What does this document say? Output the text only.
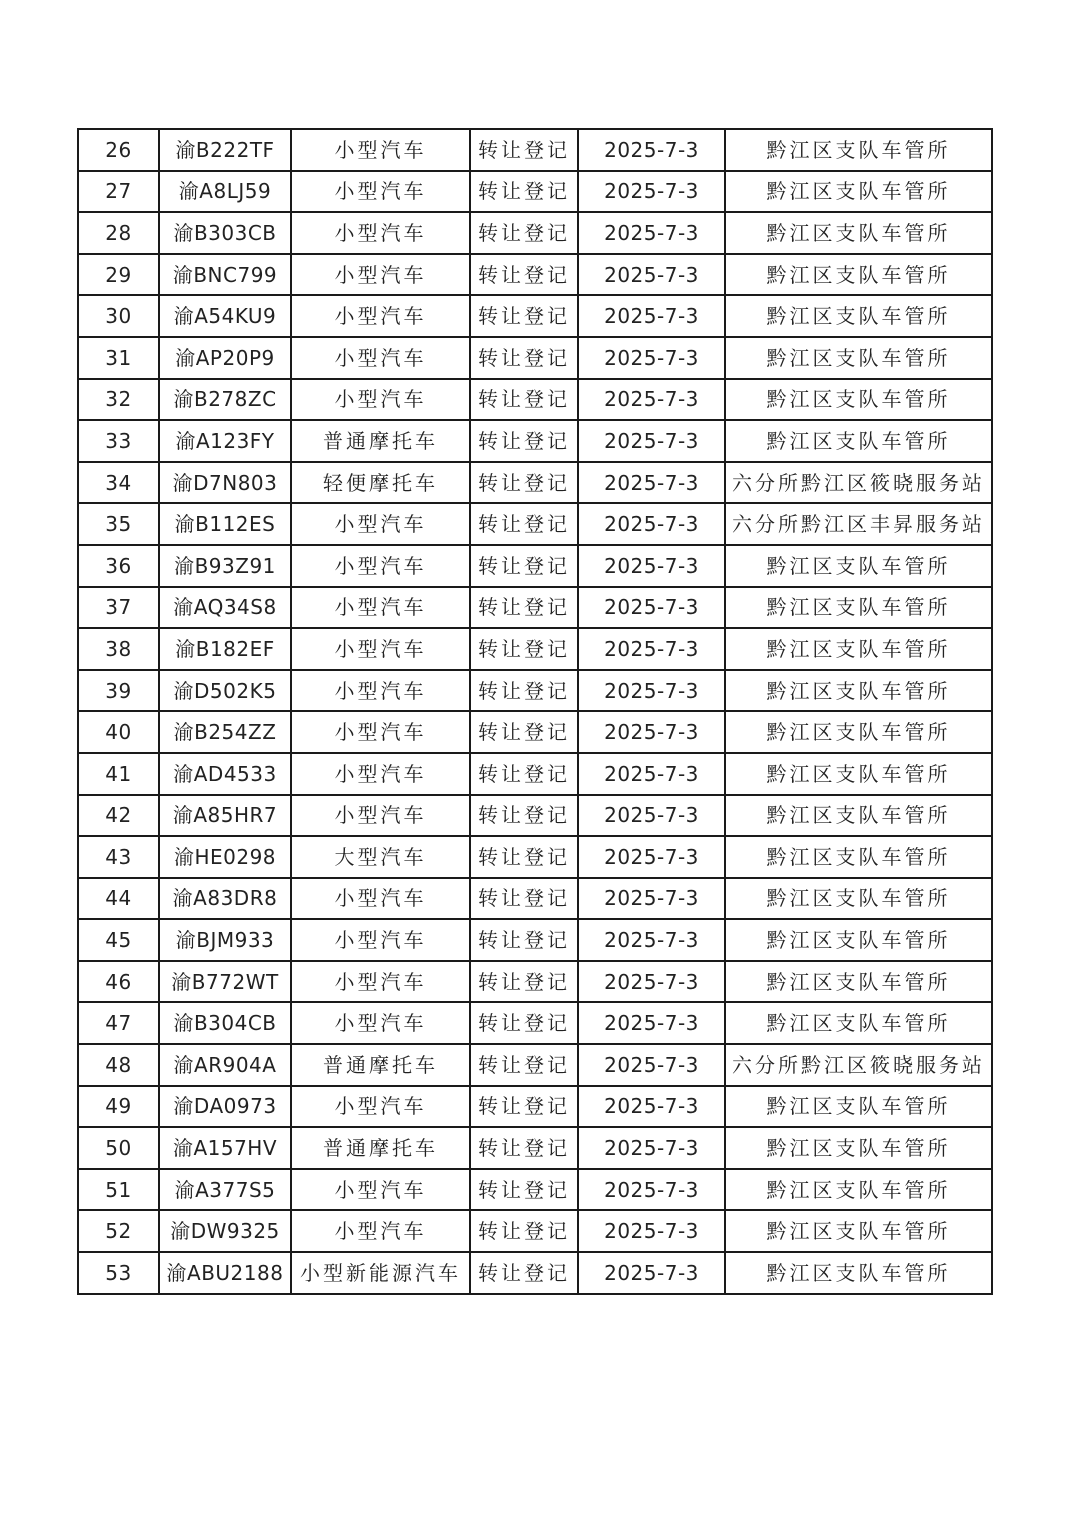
26	渝B222TF	小型汽车	转让登记	2025-7-3	黔江区支队车管所
27	渝A8LJ59	小型汽车	转让登记	2025-7-3	黔江区支队车管所
28	渝B303CB	小型汽车	转让登记	2025-7-3	黔江区支队车管所
29	渝BNC799	小型汽车	转让登记	2025-7-3	黔江区支队车管所
30	渝A54KU9	小型汽车	转让登记	2025-7-3	黔江区支队车管所
31	渝AP20P9	小型汽车	转让登记	2025-7-3	黔江区支队车管所
32	渝B278ZC	小型汽车	转让登记	2025-7-3	黔江区支队车管所
33	渝A123FY	普通摩托车	转让登记	2025-7-3	黔江区支队车管所
34	渝D7N803	轻便摩托车	转让登记	2025-7-3	六分所黔江区筱晓服务站
35	渝B112ES	小型汽车	转让登记	2025-7-3	六分所黔江区丰昇服务站
36	渝B93Z91	小型汽车	转让登记	2025-7-3	黔江区支队车管所
37	渝AQ34S8	小型汽车	转让登记	2025-7-3	黔江区支队车管所
38	渝B182EF	小型汽车	转让登记	2025-7-3	黔江区支队车管所
39	渝D502K5	小型汽车	转让登记	2025-7-3	黔江区支队车管所
40	渝B254ZZ	小型汽车	转让登记	2025-7-3	黔江区支队车管所
41	渝AD4533	小型汽车	转让登记	2025-7-3	黔江区支队车管所
42	渝A85HR7	小型汽车	转让登记	2025-7-3	黔江区支队车管所
43	渝HE0298	大型汽车	转让登记	2025-7-3	黔江区支队车管所
44	渝A83DR8	小型汽车	转让登记	2025-7-3	黔江区支队车管所
45	渝BJM933	小型汽车	转让登记	2025-7-3	黔江区支队车管所
46	渝B772WT	小型汽车	转让登记	2025-7-3	黔江区支队车管所
47	渝B304CB	小型汽车	转让登记	2025-7-3	黔江区支队车管所
48	渝AR904A	普通摩托车	转让登记	2025-7-3	六分所黔江区筱晓服务站
49	渝DA0973	小型汽车	转让登记	2025-7-3	黔江区支队车管所
50	渝A157HV	普通摩托车	转让登记	2025-7-3	黔江区支队车管所
51	渝A377S5	小型汽车	转让登记	2025-7-3	黔江区支队车管所
52	渝DW9325	小型汽车	转让登记	2025-7-3	黔江区支队车管所
53	渝ABU2188	小型新能源汽车	转让登记	2025-7-3	黔江区支队车管所
